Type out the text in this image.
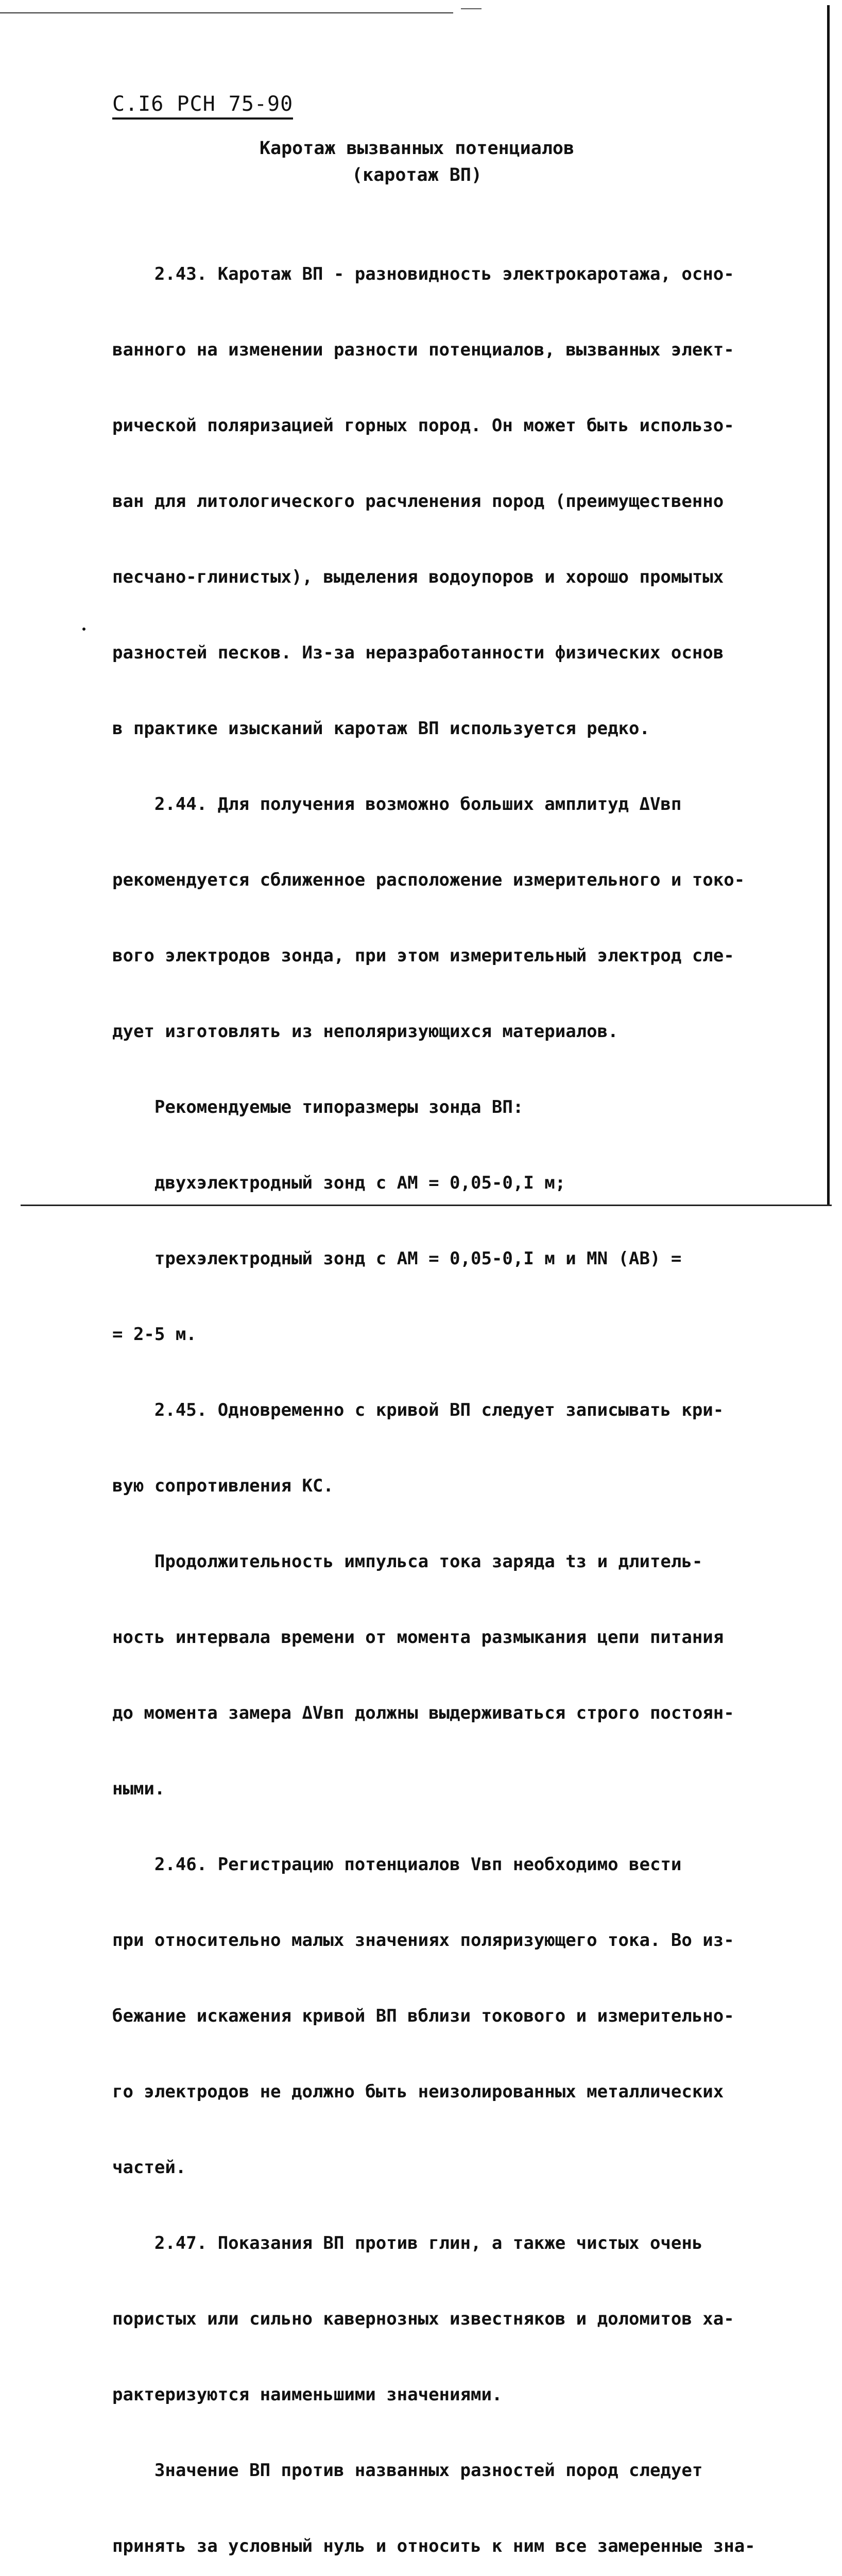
С.I6 РСН 75-90
Каротаж вызванных потенциалов
(каротаж ВП)

2.43. Каротаж ВП - разновидность электрокаротажа, осно-

ванного на изменении разности потенциалов, вызванных элект-

рической поляризацией горных пород. Он может быть использо-

ван для литологического расчленения пород (преимущественно

песчано-глинистых), выделения водоупоров и хорошо промытых

разностей песков. Из-за неразработанности физических основ

в практике изысканий каротаж ВП используется редко.

2.44. Для получения возможно больших амплитуд ΔVвп

рекомендуется сближенное расположение измерительного и токо-

вого электродов зонда, при этом измерительный электрод сле-

дует изготовлять из неполяризующихся материалов.

Рекомендуемые типоразмеры зонда ВП:

двухэлектродный зонд с АМ = 0,05-0,I м;

трехэлектродный зонд с АМ = 0,05-0,I м и МN (АВ) =

= 2-5 м.

2.45. Одновременно с кривой ВП следует записывать кри-

вую сопротивления КС.

Продолжительность импульса тока заряда tз и длитель-

ность интервала времени от момента размыкания цепи питания

до момента замера ΔVвп должны выдерживаться строго постоян-

ными.

2.46. Регистрацию потенциалов Vвп необходимо вести

при относительно малых значениях поляризующего тока. Во из-

бежание искажения кривой ВП вблизи токового и измерительно-

го электродов не должно быть неизолированных металлических

частей.

2.47. Показания ВП против глин, а также чистых очень

пористых или сильно кавернозных известняков и доломитов ха-

рактеризуются наименьшими значениями.

Значение ВП против названных разностей пород следует

принять за условный нуль и относить к ним все замеренные зна-
